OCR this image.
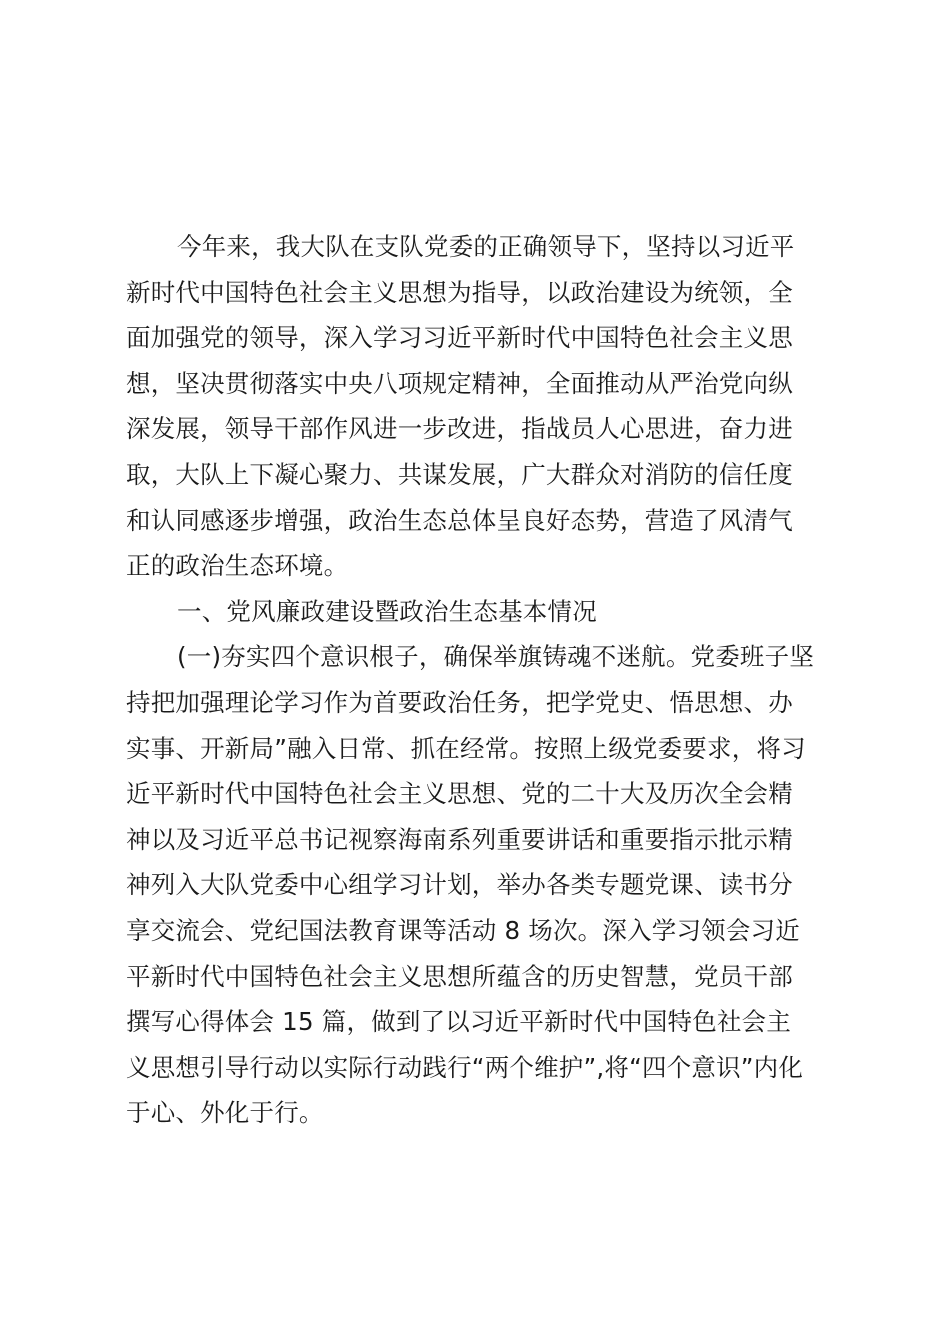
今年来，我大队在支队党委的正确领导下，坚持以习近平
新时代中国特色社会主义思想为指导，以政治建设为统领，全
面加强党的领导，深入学习习近平新时代中国特色社会主义思
想，坚决贯彻落实中央八项规定精神，全面推动从严治党向纵
深发展，领导干部作风进一步改进，指战员人心思进，奋力进
取，大队上下凝心聚力、共谋发展，广大群众对消防的信任度
和认同感逐步增强，政治生态总体呈良好态势，营造了风清气
正的政治生态环境。
一、党风廉政建设暨政治生态基本情况
(一)夯实四个意识根子，确保举旗铸魂不迷航。党委班子坚
持把加强理论学习作为首要政治任务，把学党史、悟思想、办
实事、开新局”融入日常、抓在经常。按照上级党委要求，将习
近平新时代中国特色社会主义思想、党的二十大及历次全会精
神以及习近平总书记视察海南系列重要讲话和重要指示批示精
神列入大队党委中心组学习计划，举办各类专题党课、读书分
享交流会、党纪国法教育课等活动 8 场次。深入学习领会习近
平新时代中国特色社会主义思想所蕴含的历史智慧，党员干部
撰写心得体会 15 篇，做到了以习近平新时代中国特色社会主
义思想引导行动以实际行动践行“两个维护”,将“四个意识”内化
于心、外化于行。
